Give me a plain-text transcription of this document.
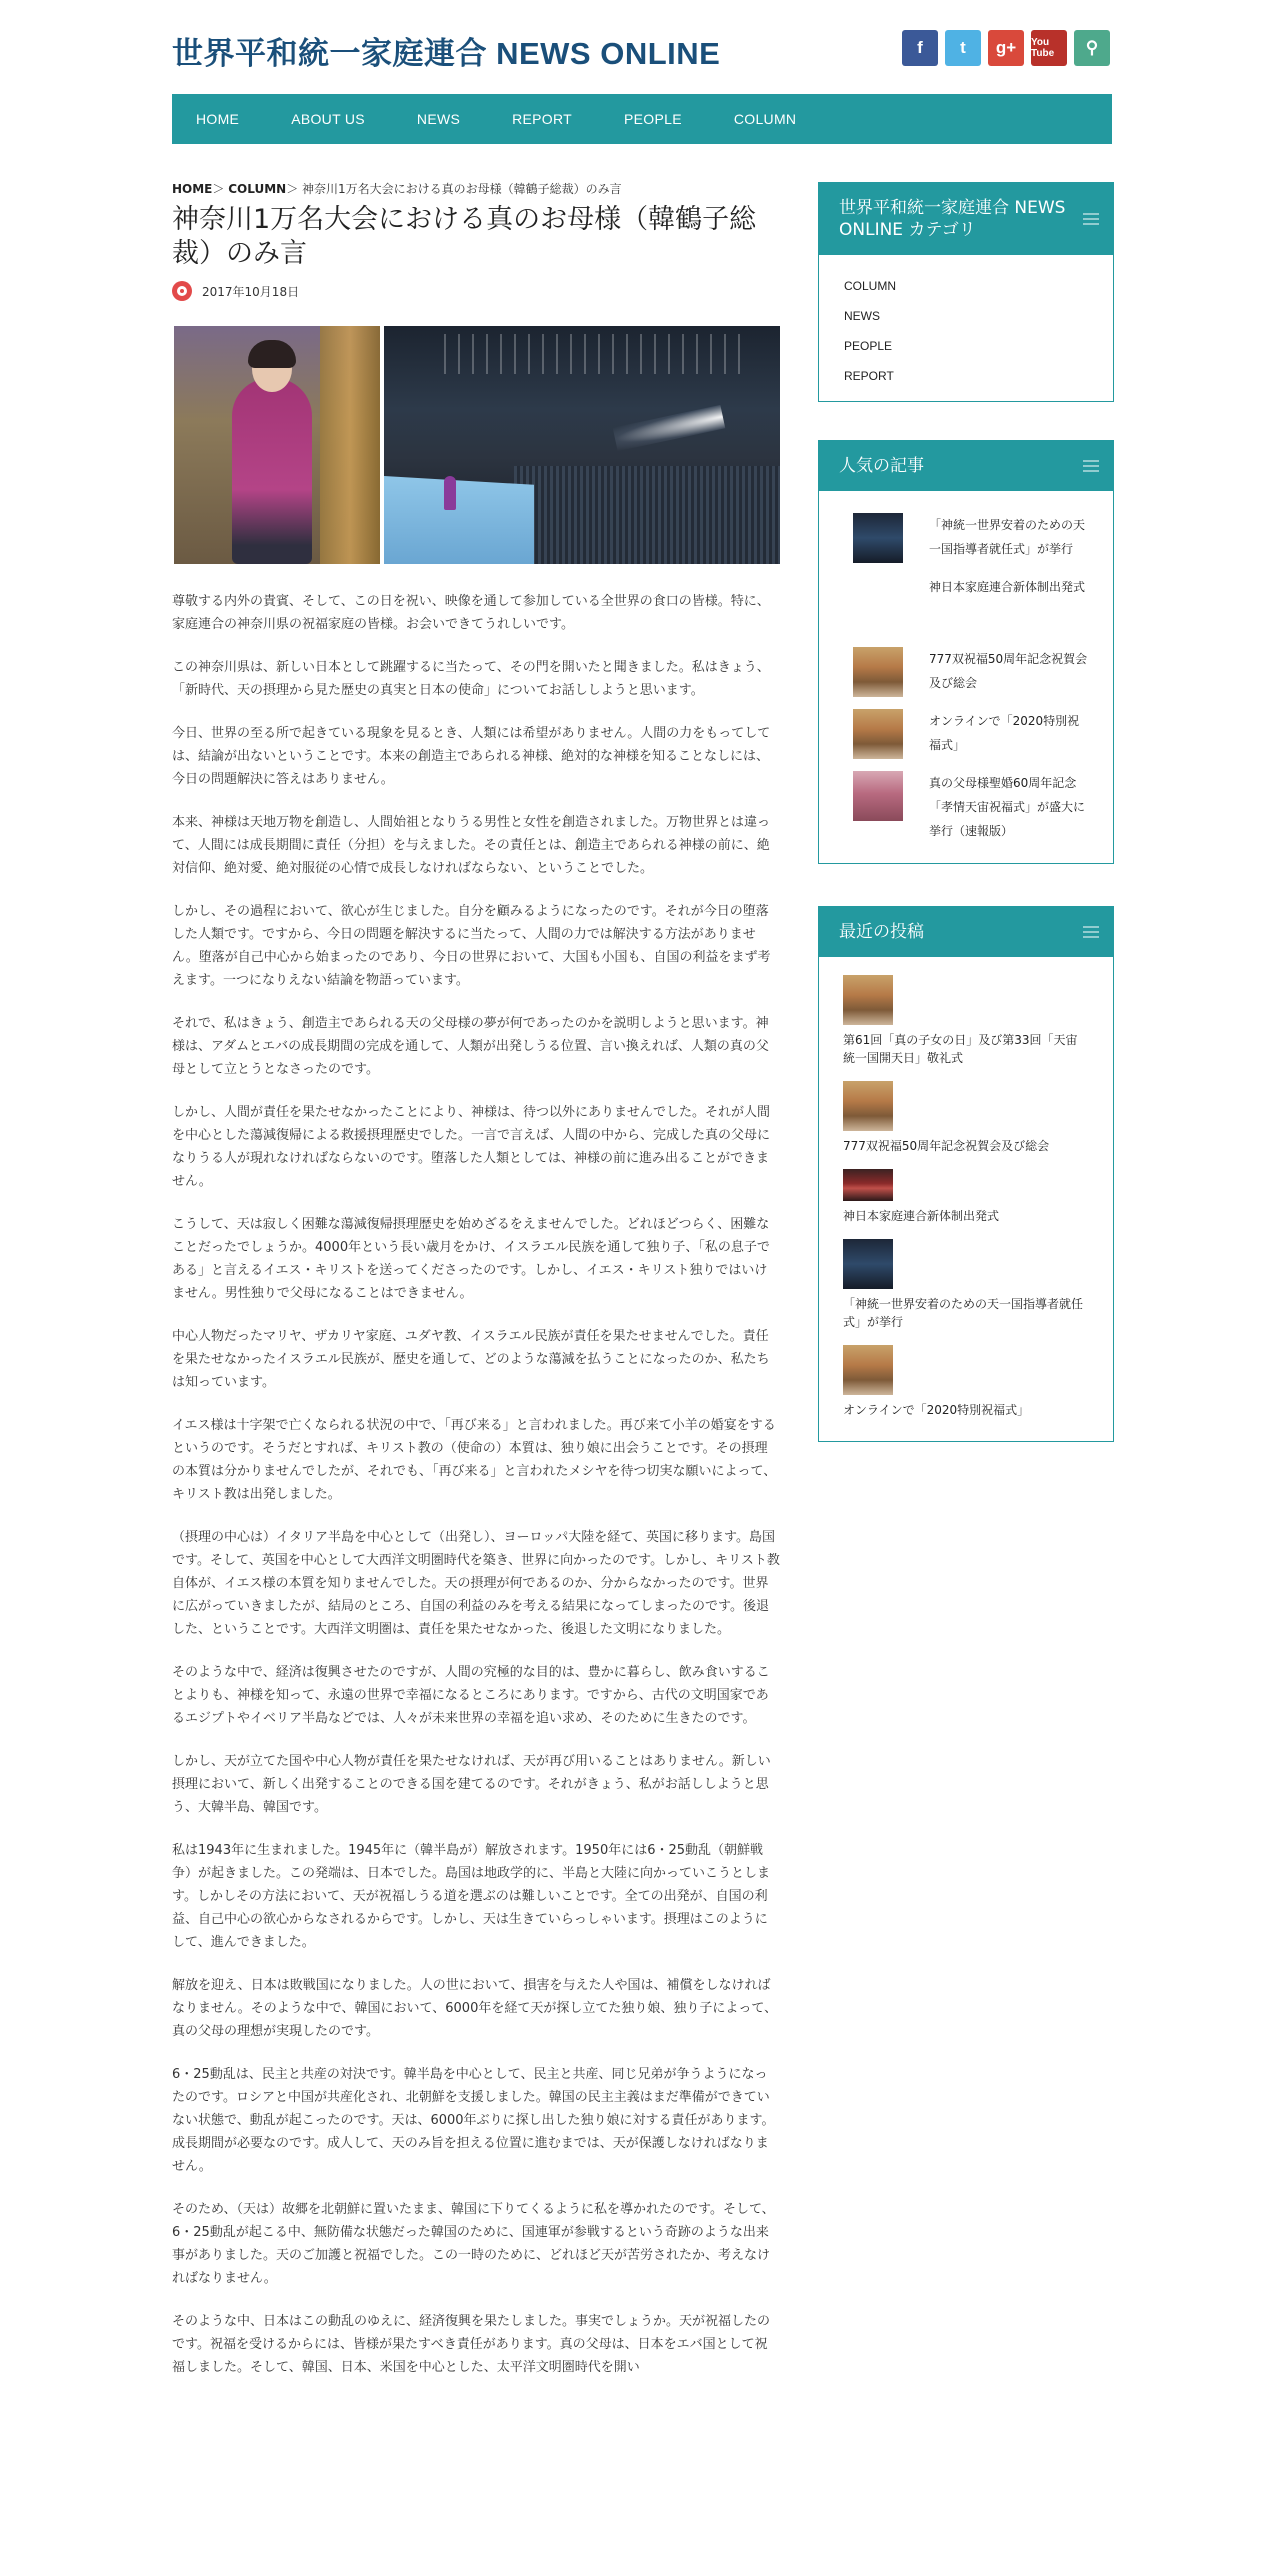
世界平和統一家庭連合 NEWS ONLINE	f	t	g+	You Tube	⚲
HOME	ABOUT US	NEWS	REPORT	PEOPLE	COLUMN
HOME＞ COLUMN＞ 神奈川1万名大会における真のお母様（韓鶴子総裁）のみ言
神奈川1万名大会における真のお母様（韓鶴子総裁）のみ言
2017年10月18日

尊敬する内外の貴賓、そして、この日を祝い、映像を通して参加している全世界の食口の皆様。特に、家庭連合の神奈川県の祝福家庭の皆様。お会いできてうれしいです。

この神奈川県は、新しい日本として跳躍するに当たって、その門を開いたと聞きました。私はきょう、「新時代、天の摂理から見た歴史の真実と日本の使命」についてお話ししようと思います。

今日、世界の至る所で起きている現象を見るとき、人類には希望がありません。人間の力をもってしては、結論が出ないということです。本来の創造主であられる神様、絶対的な神様を知ることなしには、今日の問題解決に答えはありません。

本来、神様は天地万物を創造し、人間始祖となりうる男性と女性を創造されました。万物世界とは違って、人間には成長期間に責任（分担）を与えました。その責任とは、創造主であられる神様の前に、絶対信仰、絶対愛、絶対服従の心情で成長しなければならない、ということでした。

しかし、その過程において、欲心が生じました。自分を顧みるようになったのです。それが今日の堕落した人類です。ですから、今日の問題を解決するに当たって、人間の力では解決する方法がありません。堕落が自己中心から始まったのであり、今日の世界において、大国も小国も、自国の利益をまず考えます。一つになりえない結論を物語っています。

それで、私はきょう、創造主であられる天の父母様の夢が何であったのかを説明しようと思います。神様は、アダムとエバの成長期間の完成を通して、人類が出発しうる位置、言い換えれば、人類の真の父母として立とうとなさったのです。

しかし、人間が責任を果たせなかったことにより、神様は、待つ以外にありませんでした。それが人間を中心とした蕩減復帰による救援摂理歴史でした。一言で言えば、人間の中から、完成した真の父母になりうる人が現れなければならないのです。堕落した人類としては、神様の前に進み出ることができません。

こうして、天は寂しく困難な蕩減復帰摂理歴史を始めざるをえませんでした。どれほどつらく、困難なことだったでしょうか。4000年という長い歳月をかけ、イスラエル民族を通して独り子、「私の息子である」と言えるイエス・キリストを送ってくださったのです。しかし、イエス・キリスト独りではいけません。男性独りで父母になることはできません。

中心人物だったマリヤ、ザカリヤ家庭、ユダヤ教、イスラエル民族が責任を果たせませんでした。責任を果たせなかったイスラエル民族が、歴史を通して、どのような蕩減を払うことになったのか、私たちは知っています。

イエス様は十字架で亡くなられる状況の中で、「再び来る」と言われました。再び来て小羊の婚宴をするというのです。そうだとすれば、キリスト教の（使命の）本質は、独り娘に出会うことです。その摂理の本質は分かりませんでしたが、それでも、「再び来る」と言われたメシヤを待つ切実な願いによって、キリスト教は出発しました。

（摂理の中心は）イタリア半島を中心として（出発し）、ヨーロッパ大陸を経て、英国に移ります。島国です。そして、英国を中心として大西洋文明圏時代を築き、世界に向かったのです。しかし、キリスト教自体が、イエス様の本質を知りませんでした。天の摂理が何であるのか、分からなかったのです。世界に広がっていきましたが、結局のところ、自国の利益のみを考える結果になってしまったのです。後退した、ということです。大西洋文明圏は、責任を果たせなかった、後退した文明になりました。

そのような中で、経済は復興させたのですが、人間の究極的な目的は、豊かに暮らし、飲み食いすることよりも、神様を知って、永遠の世界で幸福になるところにあります。ですから、古代の文明国家であるエジプトやイベリア半島などでは、人々が未来世界の幸福を追い求め、そのために生きたのです。

しかし、天が立てた国や中心人物が責任を果たせなければ、天が再び用いることはありません。新しい摂理において、新しく出発することのできる国を建てるのです。それがきょう、私がお話ししようと思う、大韓半島、韓国です。

私は1943年に生まれました。1945年に（韓半島が）解放されます。1950年には6・25動乱（朝鮮戦争）が起きました。この発端は、日本でした。島国は地政学的に、半島と大陸に向かっていこうとします。しかしその方法において、天が祝福しうる道を選ぶのは難しいことです。全ての出発が、自国の利益、自己中心の欲心からなされるからです。しかし、天は生きていらっしゃいます。摂理はこのようにして、進んできました。

解放を迎え、日本は敗戦国になりました。人の世において、損害を与えた人や国は、補償をしなければなりません。そのような中で、韓国において、6000年を経て天が探し立てた独り娘、独り子によって、真の父母の理想が実現したのです。

6・25動乱は、民主と共産の対決です。韓半島を中心として、民主と共産、同じ兄弟が争うようになったのです。ロシアと中国が共産化され、北朝鮮を支援しました。韓国の民主主義はまだ準備ができていない状態で、動乱が起こったのです。天は、6000年ぶりに探し出した独り娘に対する責任があります。成長期間が必要なのです。成人して、天のみ旨を担える位置に進むまでは、天が保護しなければなりません。

そのため、（天は）故郷を北朝鮮に置いたまま、韓国に下りてくるように私を導かれたのです。そして、6・25動乱が起こる中、無防備な状態だった韓国のために、国連軍が参戦するという奇跡のような出来事がありました。天のご加護と祝福でした。この一時のために、どれほど天が苦労されたか、考えなければなりません。

そのような中、日本はこの動乱のゆえに、経済復興を果たしました。事実でしょうか。天が祝福したのです。祝福を受けるからには、皆様が果たすべき責任があります。真の父母は、日本をエバ国として祝福しました。そして、韓国、日本、米国を中心とした、太平洋文明圏時代を開い

世界平和統一家庭連合 NEWS ONLINE カテゴリ
COLUMN
NEWS
PEOPLE
REPORT
人気の記事
「神統一世界安着のための天一国指導者就任式」が挙行
神日本家庭連合新体制出発式
777双祝福50周年記念祝賀会及び総会
オンラインで「2020特別祝福式」
真の父母様聖婚60周年記念「孝情天宙祝福式」が盛大に挙行（速報版）
最近の投稿
第61回「真の子女の日」及び第33回「天宙統一国開天日」敬礼式
777双祝福50周年記念祝賀会及び総会
神日本家庭連合新体制出発式
「神統一世界安着のための天一国指導者就任式」が挙行
オンラインで「2020特別祝福式」
